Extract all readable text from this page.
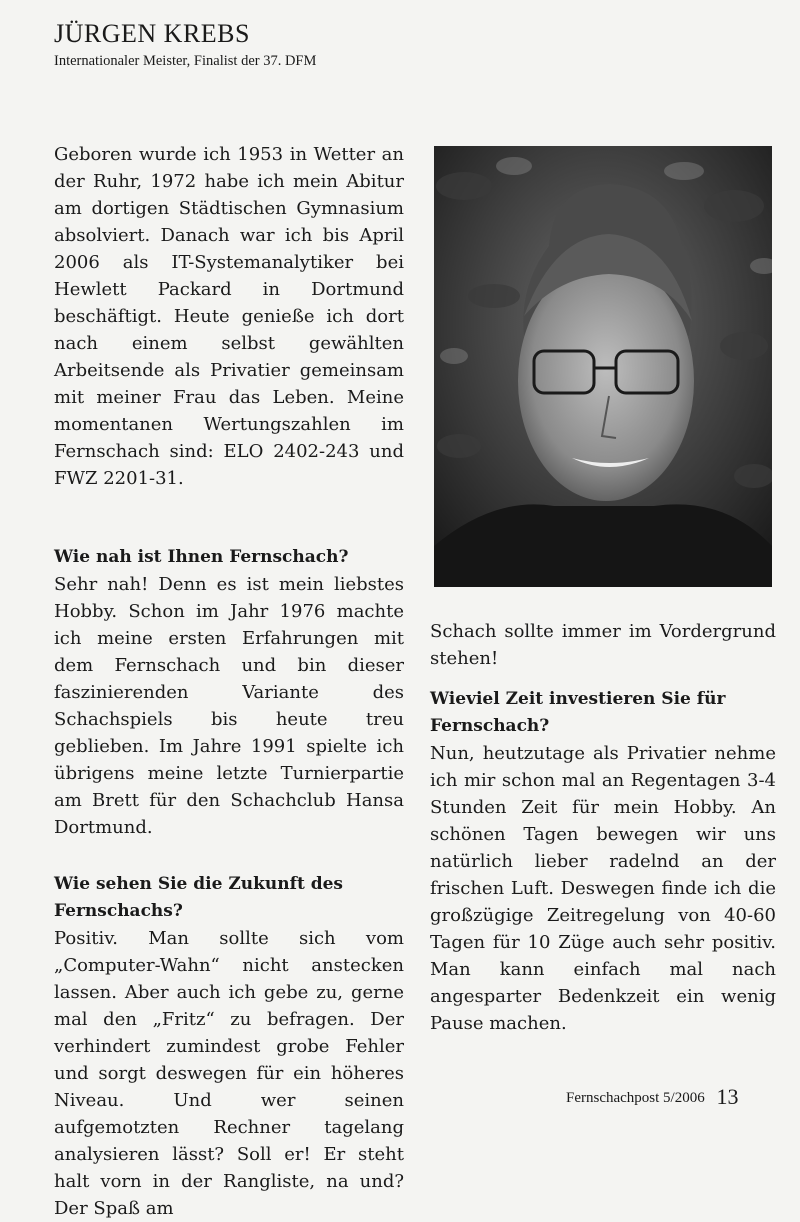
JÜRGEN KREBS
Internationaler Meister, Finalist der 37. DFM

Geboren wurde ich 1953 in Wetter an der Ruhr, 1972 habe ich mein Abitur am dortigen Städtischen Gymnasium absolviert. Danach war ich bis April 2006 als IT-Systemanalytiker bei Hewlett Packard in Dortmund beschäftigt. Heute genieße ich dort nach einem selbst gewählten Arbeitsende als Privatier gemeinsam mit meiner Frau das Leben. Meine momentanen Wertungszahlen im Fernschach sind: ELO 2402-243 und FWZ 2201-31.

Wie nah ist Ihnen Fernschach?

Sehr nah! Denn es ist mein liebstes Hobby. Schon im Jahr 1976 machte ich meine ersten Erfahrungen mit dem Fernschach und bin dieser faszinierenden Variante des Schachspiels bis heute treu geblieben. Im Jahre 1991 spielte ich übrigens meine letzte Turnierpartie am Brett für den Schachclub Hansa Dortmund.

Wie sehen Sie die Zukunft des Fernschachs?

Positiv. Man sollte sich vom „Computer-Wahn“ nicht anstecken lassen. Aber auch ich gebe zu, gerne mal den „Fritz“ zu befragen. Der verhindert zumindest grobe Fehler und sorgt deswegen für ein höheres Niveau. Und wer seinen aufgemotzten Rechner tagelang analysieren lässt? Soll er! Er steht halt vorn in der Rangliste, na und? Der Spaß am

Schach sollte immer im Vordergrund stehen!

Wieviel Zeit investieren Sie für Fernschach?

Nun, heutzutage als Privatier nehme ich mir schon mal an Regentagen 3-4 Stunden Zeit für mein Hobby. An schönen Tagen bewegen wir uns natürlich lieber radelnd an der frischen Luft. Deswegen finde ich die großzügige Zeitregelung von 40-60 Tagen für 10 Züge auch sehr positiv. Man kann einfach mal nach angesparter Bedenkzeit ein wenig Pause machen.

Fernschachpost 5/2006 13
